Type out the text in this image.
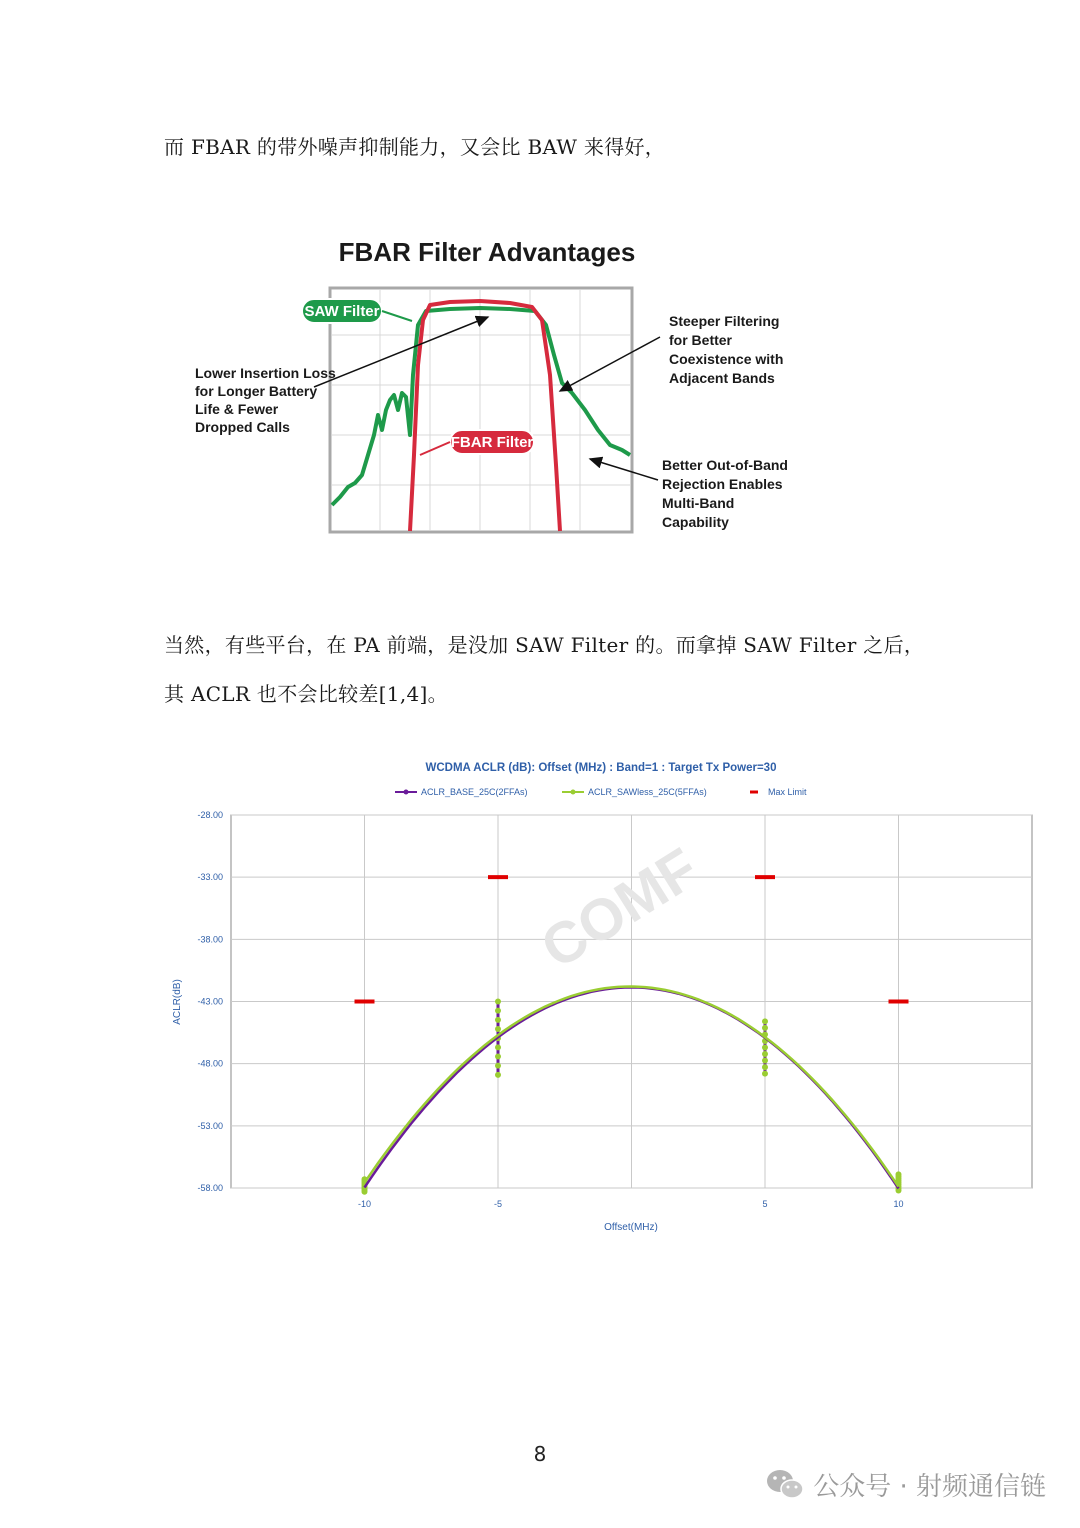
而 FBAR 的带外噪声抑制能力，又会比 BAW 来得好，

FBAR Filter Advantages
SAW Filter
FBAR Filter
Lower Insertion Loss
for Longer Battery
Life & Fewer
Dropped Calls
Steeper Filtering
for Better
Coexistence with
Adjacent Bands
Better Out-of-Band
Rejection Enables
Multi-Band
Capability

当然，有些平台，在 PA 前端，是没加 SAW Filter 的。而拿掉 SAW Filter 之后，

其 ACLR 也不会比较差[1,4]。

WCDMA ACLR (dB): Offset (MHz) : Band=1 : Target Tx Power=30
ACLR_BASE_25C(2FFAs)	ACLR_SAWless_25C(5FFAs)	Max Limit
-28.00
-33.00
-38.00
-43.00
-48.00
-53.00
-58.00
-10	-5	5	10
COMF
Offset(MHz)
ACLR(dB)
8
公众号 · 射频通信链
